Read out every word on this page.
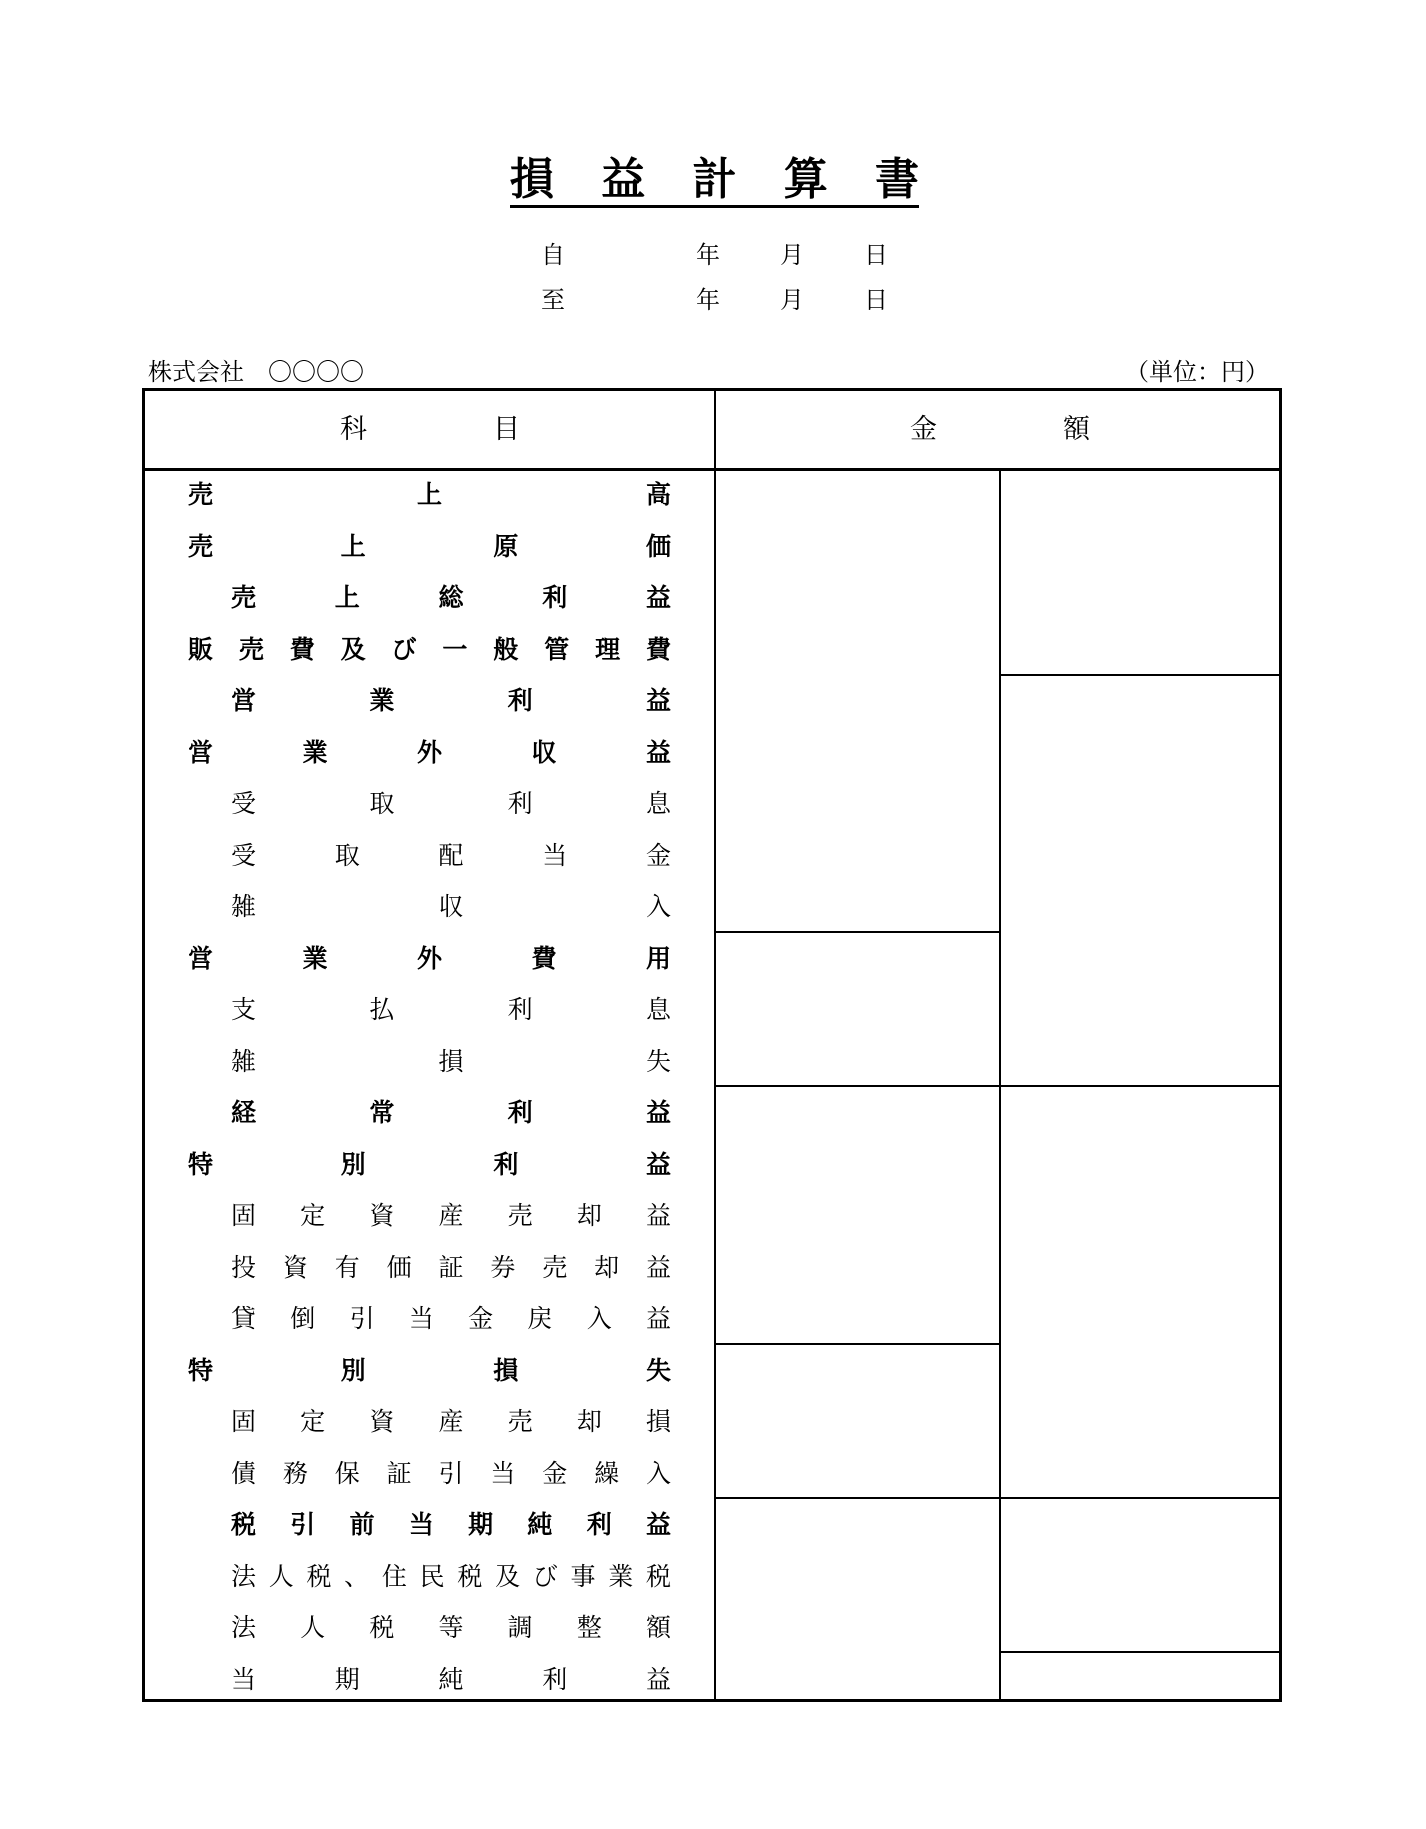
損益計算書
自	年	月	日
至	年	月	日
株式会社　〇〇〇〇	（単位：円）
科目	金額
売上高
売上原価
売上総利益
販売費及び一般管理費
営業利益
営業外収益
受取利息
受取配当金
雑収入
営業外費用
支払利息
雑損失
経常利益
特別利益
固定資産売却益
投資有価証券売却益
貸倒引当金戻入益
特別損失
固定資産売却損
債務保証引当金繰入
税引前当期純利益
法人税、住民税及び事業税
法人税等調整額
当期純利益
